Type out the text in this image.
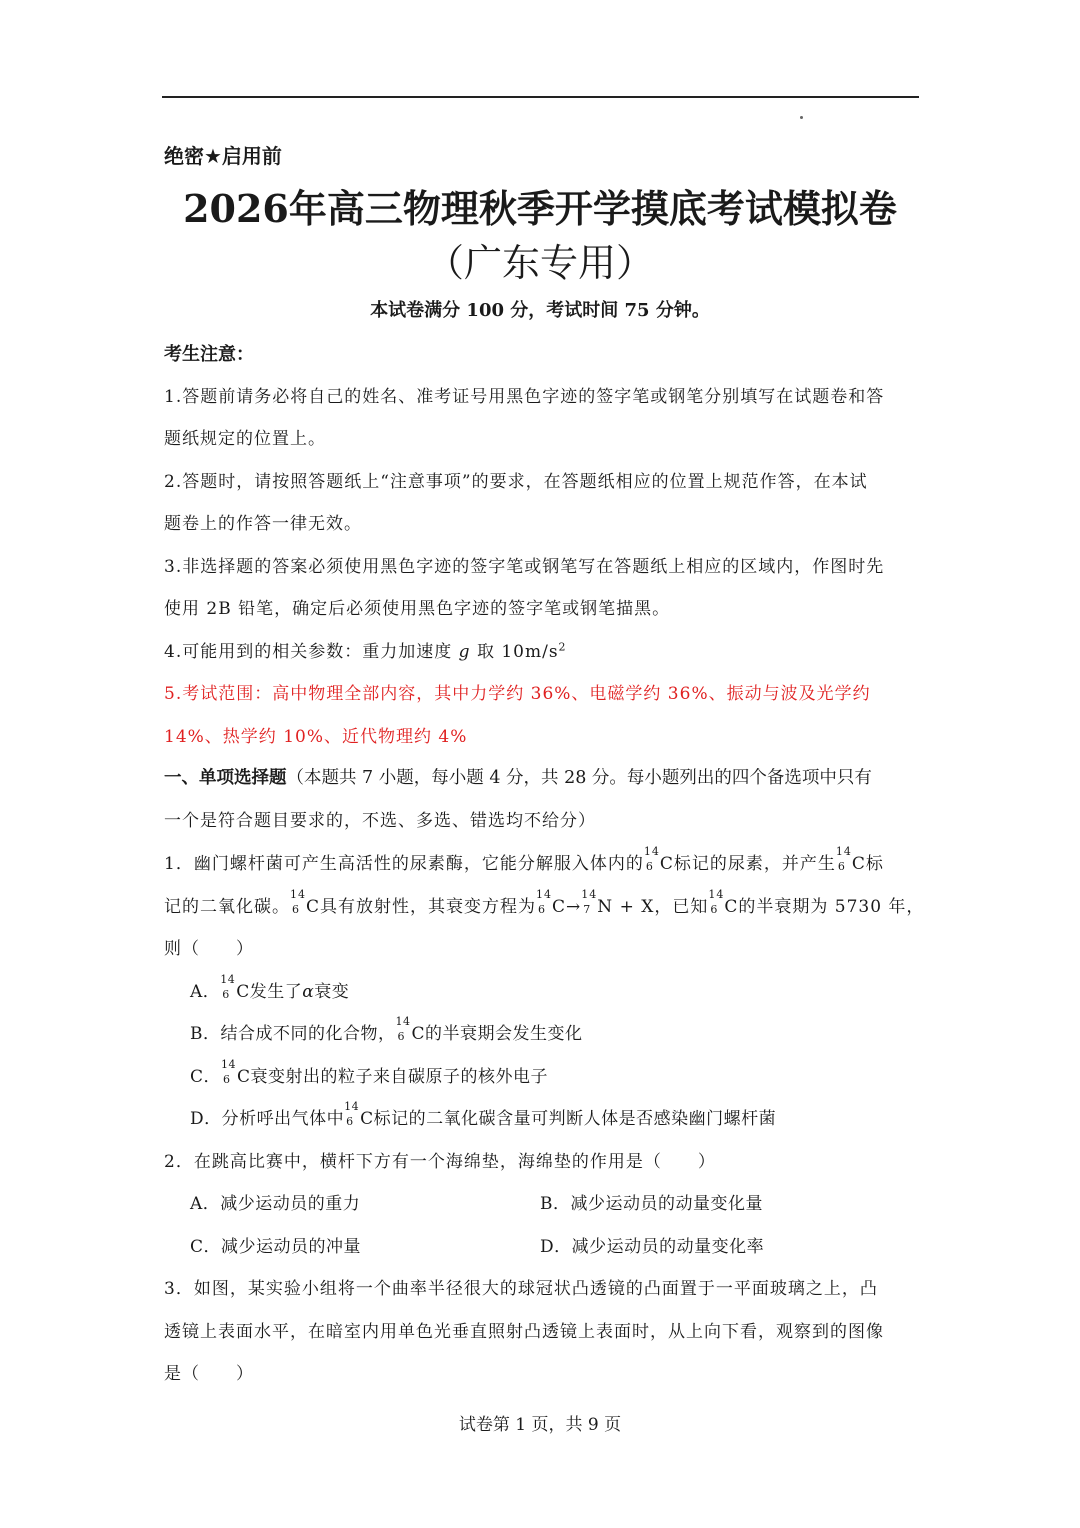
绝密★启用前
2026年高三物理秋季开学摸底考试模拟卷
（广东专用）
本试卷满分 100 分，考试时间 75 分钟。
考生注意：
1.答题前请务必将自己的姓名、准考证号用黑色字迹的签字笔或钢笔分别填写在试题卷和答
题纸规定的位置上。
2.答题时，请按照答题纸上“注意事项”的要求，在答题纸相应的位置上规范作答，在本试
题卷上的作答一律无效。
3.非选择题的答案必须使用黑色字迹的签字笔或钢笔写在答题纸上相应的区域内，作图时先
使用 2B 铅笔，确定后必须使用黑色字迹的签字笔或钢笔描黑。
4.可能用到的相关参数：重力加速度 g 取 $10m/s^2$
5.考试范围：高中物理全部内容，其中力学约 36%、电磁学约 36%、振动与波及光学约
14%、热学约 10%、近代物理约 4%
一、单项选择题（本题共 7 小题，每小题 4 分，共 28 分。每小题列出的四个备选项中只有
一个是符合题目要求的，不选、多选、错选均不给分）
1．幽门螺杆菌可产生高活性的尿素酶，它能分解服入体内的
14
6 C标记的尿素，并产生
14
6 C标
记的二氧化碳。
14
6 C具有放射性，其衰变方程为
14
6 C→
14
7 N + X，已知
14
6 C的半衰期为 5730 年，
则（　　）
A．
14
6 C发生了α衰变
B．结合成不同的化合物，
14
6 C的半衰期会发生变化
C．
14
6 C衰变射出的粒子来自碳原子的核外电子
D．分析呼出气体中
14
6 C标记的二氧化碳含量可判断人体是否感染幽门螺杆菌
2．在跳高比赛中，横杆下方有一个海绵垫，海绵垫的作用是（　　）
A．减少运动员的重力	B．减少运动员的动量变化量
C．减少运动员的冲量	D．减少运动员的动量变化率
3．如图，某实验小组将一个曲率半径很大的球冠状凸透镜的凸面置于一平面玻璃之上，凸
透镜上表面水平，在暗室内用单色光垂直照射凸透镜上表面时，从上向下看，观察到的图像
是（　　）
试卷第 1 页，共 9 页
